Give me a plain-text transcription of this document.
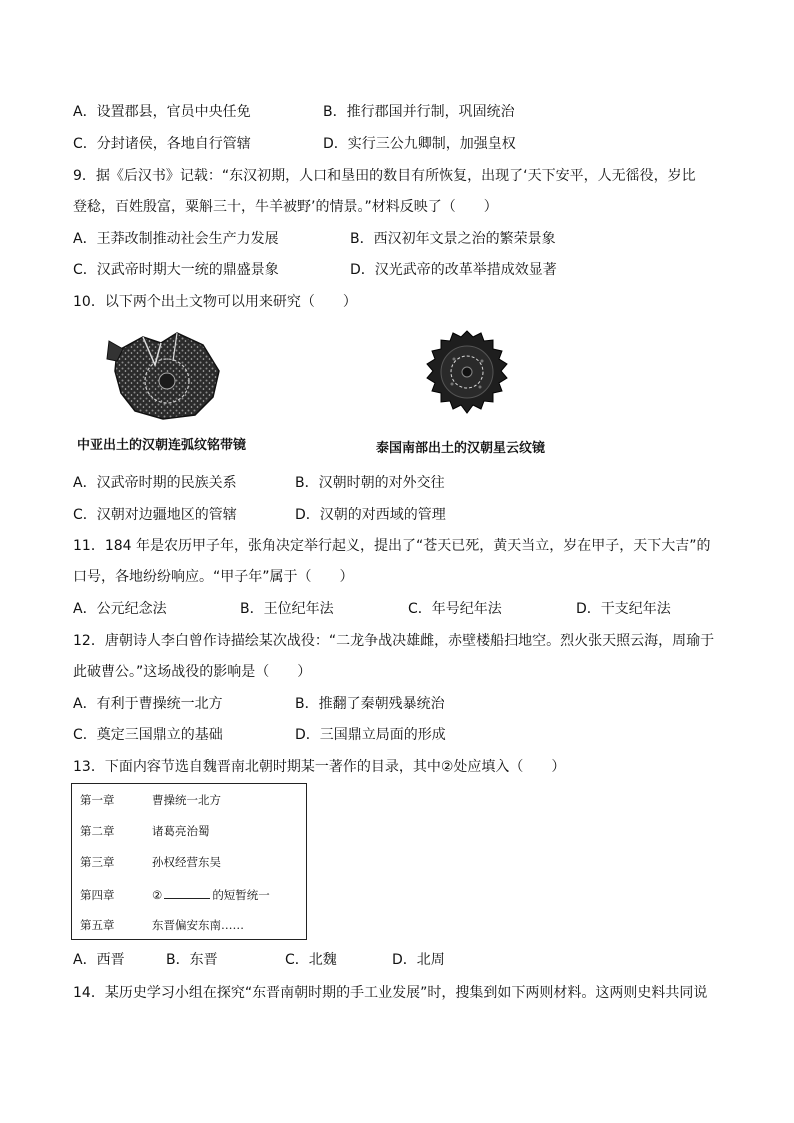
A．设置郡县，官员中央任免	B．推行郡国并行制，巩固统治
C．分封诸侯，各地自行管辖	D．实行三公九卿制，加强皇权
9．据《后汉书》记载：“东汉初期，人口和垦田的数目有所恢复，出现了‘天下安平，人无徭役，岁比
登稔，百姓殷富，粟斛三十，牛羊被野’的情景。”材料反映了（　　）
A．王莽改制推动社会生产力发展	B．西汉初年文景之治的繁荣景象
C．汉武帝时期大一统的鼎盛景象	D．汉光武帝的改革举措成效显著
10．以下两个出土文物可以用来研究（　　）
中亚出土的汉朝连弧纹铭带镜	泰国南部出土的汉朝星云纹镜
A．汉武帝时期的民族关系	B．汉朝时朝的对外交往
C．汉朝对边疆地区的管辖	D．汉朝的对西域的管理
11．184 年是农历甲子年，张角决定举行起义，提出了“苍天已死，黄天当立，岁在甲子，天下大吉”的
口号，各地纷纷响应。“甲子年”属于（　　）
A．公元纪念法	B．王位纪年法	C．年号纪年法	D．干支纪年法
12．唐朝诗人李白曾作诗描绘某次战役：“二龙争战决雄雌，赤壁楼船扫地空。烈火张天照云海，周瑜于
此破曹公。”这场战役的影响是（　　）
A．有利于曹操统一北方	B．推翻了秦朝残暴统治
C．奠定三国鼎立的基础	D．三国鼎立局面的形成
13．下面内容节选自魏晋南北朝时期某一著作的目录，其中②处应填入（　　）
第一章	曹操统一北方
第二章	诸葛亮治蜀
第三章	孙权经营东吴
第四章	②	的短暂统一
第五章	东晋偏安东南……
A．西晋	B．东晋	C．北魏	D．北周
14．某历史学习小组在探究“东晋南朝时期的手工业发展”时，搜集到如下两则材料。这两则史料共同说
